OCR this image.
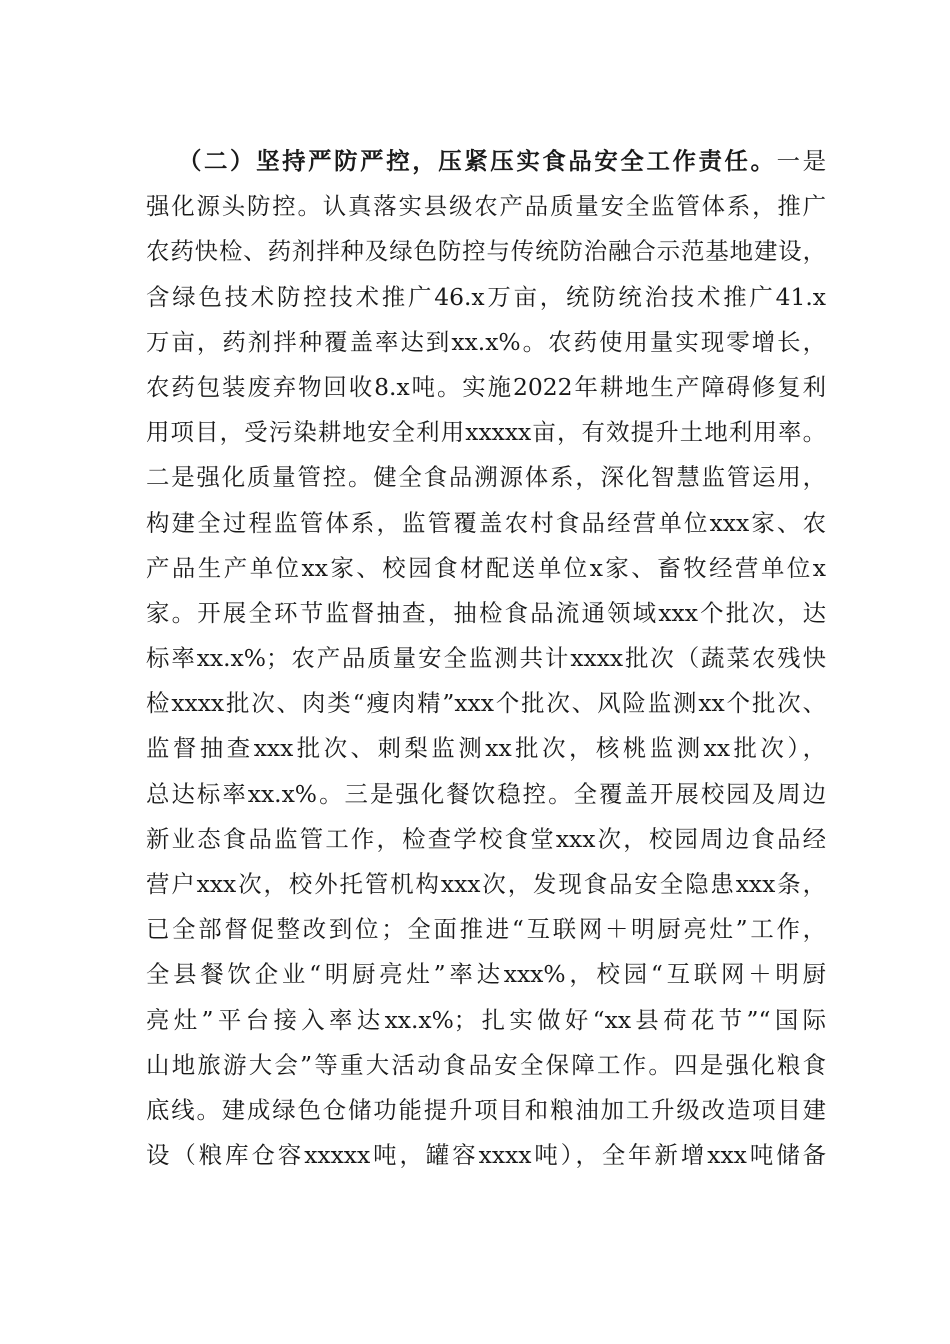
（二）坚持严防严控，压紧压实食品安全工作责任。一是
强化源头防控。认真落实县级农产品质量安全监管体系，推广
农药快检、药剂拌种及绿色防控与传统防治融合示范基地建设，
含绿色技术防控技术推广46.x万亩，统防统治技术推广41.x
万亩，药剂拌种覆盖率达到xx.x%。农药使用量实现零增长，
农药包装废弃物回收8.x吨。实施2022年耕地生产障碍修复利
用项目，受污染耕地安全利用xxxxx亩，有效提升土地利用率。
二是强化质量管控。健全食品溯源体系，深化智慧监管运用，
构建全过程监管体系，监管覆盖农村食品经营单位xxx家、农
产品生产单位xx家、校园食材配送单位x家、畜牧经营单位x
家。开展全环节监督抽查，抽检食品流通领域xxx个批次，达
标率xx.x%；农产品质量安全监测共计xxxx批次（蔬菜农残快
检xxxx批次、肉类“瘦肉精”xxx个批次、风险监测xx个批次、
监督抽查xxx批次、刺梨监测xx批次，核桃监测xx批次），
总达标率xx.x%。三是强化餐饮稳控。全覆盖开展校园及周边
新业态食品监管工作，检查学校食堂xxx次，校园周边食品经
营户xxx次，校外托管机构xxx次，发现食品安全隐患xxx条，
已全部督促整改到位；全面推进“互联网＋明厨亮灶”工作，
全县餐饮企业“明厨亮灶”率达xxx%，校园“互联网＋明厨
亮灶”平台接入率达xx.x%；扎实做好“xx县荷花节”“国际
山地旅游大会”等重大活动食品安全保障工作。四是强化粮食
底线。建成绿色仓储功能提升项目和粮油加工升级改造项目建
设（粮库仓容xxxxx吨，罐容xxxx吨），全年新增xxx吨储备
